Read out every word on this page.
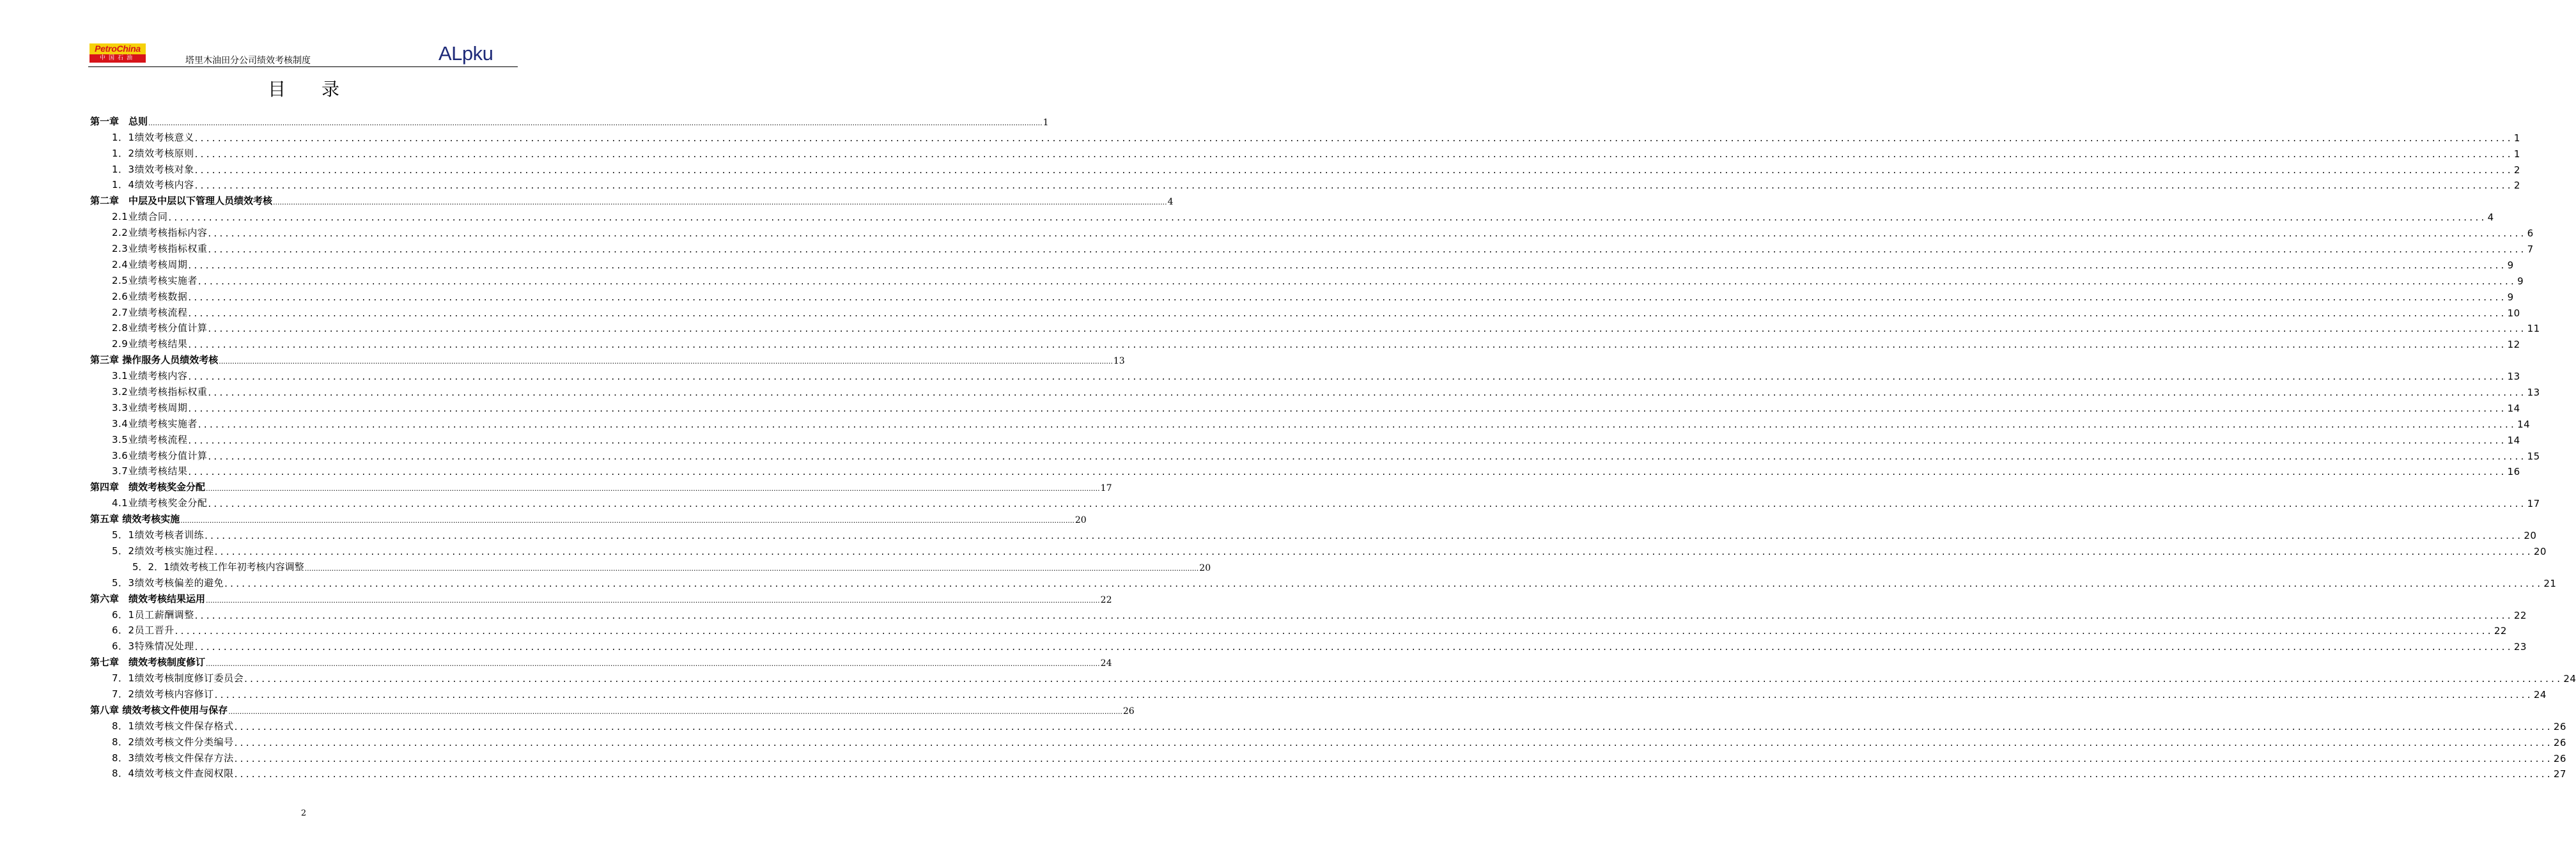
PetroChina
中国石油	塔里木油田分公司绩效考核制度	ALpku
目录
第一章　总则 ................................................................................................................................................................................................................................................................................................................................................................................................................ 1
1．1绩效考核意义 ................................................................................................................................................................................................................................................................................................................................................................................................................ 1
1．2绩效考核原则 ................................................................................................................................................................................................................................................................................................................................................................................................................ 1
1．3绩效考核对象 ................................................................................................................................................................................................................................................................................................................................................................................................................ 2
1．4绩效考核内容 ................................................................................................................................................................................................................................................................................................................................................................................................................ 2
第二章　中层及中层以下管理人员绩效考核 ................................................................................................................................................................................................................................................................................................................................................................................................................ 4
2.1业绩合同 ................................................................................................................................................................................................................................................................................................................................................................................................................ 4
2.2业绩考核指标内容 ................................................................................................................................................................................................................................................................................................................................................................................................................ 6
2.3业绩考核指标权重 ................................................................................................................................................................................................................................................................................................................................................................................................................ 7
2.4业绩考核周期 ................................................................................................................................................................................................................................................................................................................................................................................................................ 9
2.5业绩考核实施者 ................................................................................................................................................................................................................................................................................................................................................................................................................ 9
2.6业绩考核数据 ................................................................................................................................................................................................................................................................................................................................................................................................................ 9
2.7业绩考核流程 ................................................................................................................................................................................................................................................................................................................................................................................................................ 10
2.8业绩考核分值计算 ................................................................................................................................................................................................................................................................................................................................................................................................................ 11
2.9业绩考核结果 ................................................................................................................................................................................................................................................................................................................................................................................................................ 12
第三章 操作服务人员绩效考核 ................................................................................................................................................................................................................................................................................................................................................................................................................ 13
3.1业绩考核内容 ................................................................................................................................................................................................................................................................................................................................................................................................................ 13
3.2业绩考核指标权重 ................................................................................................................................................................................................................................................................................................................................................................................................................ 13
3.3业绩考核周期 ................................................................................................................................................................................................................................................................................................................................................................................................................ 14
3.4业绩考核实施者 ................................................................................................................................................................................................................................................................................................................................................................................................................ 14
3.5业绩考核流程 ................................................................................................................................................................................................................................................................................................................................................................................................................ 14
3.6业绩考核分值计算 ................................................................................................................................................................................................................................................................................................................................................................................................................ 15
3.7业绩考核结果 ................................................................................................................................................................................................................................................................................................................................................................................................................ 16
第四章　绩效考核奖金分配 ................................................................................................................................................................................................................................................................................................................................................................................................................ 17
4.1业绩考核奖金分配 ................................................................................................................................................................................................................................................................................................................................................................................................................ 17
第五章 绩效考核实施 ................................................................................................................................................................................................................................................................................................................................................................................................................ 20
5．1绩效考核者训练 ................................................................................................................................................................................................................................................................................................................................................................................................................ 20
5．2绩效考核实施过程 ................................................................................................................................................................................................................................................................................................................................................................................................................ 20
5．2．1绩效考核工作年初考核内容调整 ................................................................................................................................................................................................................................................................................................................................................................................................................ 20
5．3绩效考核偏差的避免 ................................................................................................................................................................................................................................................................................................................................................................................................................ 21
第六章　绩效考核结果运用 ................................................................................................................................................................................................................................................................................................................................................................................................................ 22
6．1员工薪酬调整 ................................................................................................................................................................................................................................................................................................................................................................................................................ 22
6．2员工晋升 ................................................................................................................................................................................................................................................................................................................................................................................................................ 22
6．3特殊情况处理 ................................................................................................................................................................................................................................................................................................................................................................................................................ 23
第七章　绩效考核制度修订 ................................................................................................................................................................................................................................................................................................................................................................................................................ 24
7．1绩效考核制度修订委员会 ................................................................................................................................................................................................................................................................................................................................................................................................................ 24
7．2绩效考核内容修订 ................................................................................................................................................................................................................................................................................................................................................................................................................ 24
第八章 绩效考核文件使用与保存 ................................................................................................................................................................................................................................................................................................................................................................................................................ 26
8．1绩效考核文件保存格式 ................................................................................................................................................................................................................................................................................................................................................................................................................ 26
8．2绩效考核文件分类编号 ................................................................................................................................................................................................................................................................................................................................................................................................................ 26
8．3绩效考核文件保存方法 ................................................................................................................................................................................................................................................................................................................................................................................................................ 26
8．4绩效考核文件查阅权限 ................................................................................................................................................................................................................................................................................................................................................................................................................ 27
2
